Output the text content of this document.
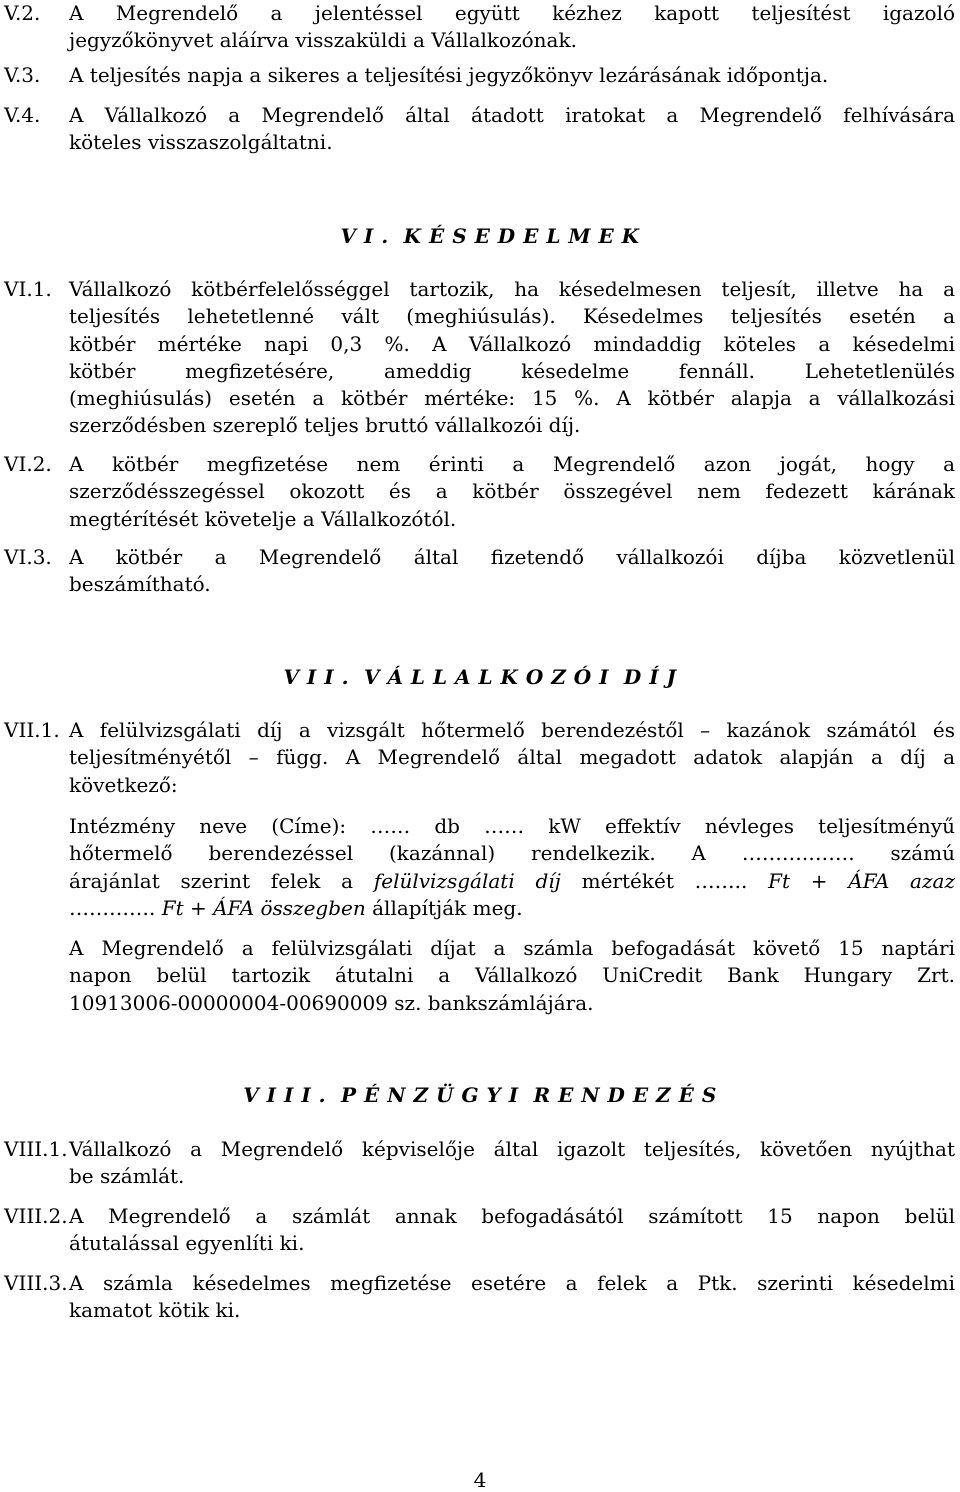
V.2. A Megrendelő a jelentéssel együtt kézhez kapott teljesítést igazoló
jegyzőkönyvet aláírva visszaküldi a Vállalkozónak.
V.3. A teljesítés napja a sikeres a teljesítési jegyzőkönyv lezárásának időpontja.
V.4. A Vállalkozó a Megrendelő által átadott iratokat a Megrendelő felhívására
köteles visszaszolgáltatni.
V I .  K É S E D E L M E K
VI.1. Vállalkozó kötbérfelelősséggel tartozik, ha késedelmesen teljesít, illetve ha a
teljesítés lehetetlenné vált (meghiúsulás). Késedelmes teljesítés esetén a
kötbér mértéke napi 0,3 %. A Vállalkozó mindaddig köteles a késedelmi
kötbér megfizetésére, ameddig késedelme fennáll. Lehetetlenülés
(meghiúsulás) esetén a kötbér mértéke: 15 %. A kötbér alapja a vállalkozási
szerződésben szereplő teljes bruttó vállalkozói díj.
VI.2. A kötbér megfizetése nem érinti a Megrendelő azon jogát, hogy a
szerződésszegéssel okozott és a kötbér összegével nem fedezett kárának
megtérítését követelje a Vállalkozótól.
VI.3. A kötbér a Megrendelő által fizetendő vállalkozói díjba közvetlenül
beszámítható.
V I I .  V Á L L A L K O Z Ó I  D Í J
VII.1. A felülvizsgálati díj a vizsgált hőtermelő berendezéstől – kazánok számától és
teljesítményétől – függ. A Megrendelő által megadott adatok alapján a díj a
következő:
Intézmény neve (Címe): …… db …… kW effektív névleges teljesítményű
hőtermelő berendezéssel (kazánnal) rendelkezik. A ……….……. számú
árajánlat szerint felek a felülvizsgálati díj mértékét …….. Ft + ÁFA azaz
…………. Ft + ÁFA összegben állapítják meg.
A Megrendelő a felülvizsgálati díjat a számla befogadását követő 15 naptári
napon belül tartozik átutalni a Vállalkozó UniCredit Bank Hungary Zrt.
10913006-00000004-00690009 sz. bankszámlájára.
V I I I .  P É N Z Ü G Y I  R E N D E Z É S
VIII.1. Vállalkozó a Megrendelő képviselője által igazolt teljesítés, követően nyújthat
be számlát.
VIII.2. A Megrendelő a számlát annak befogadásától számított 15 napon belül
átutalással egyenlíti ki.
VIII.3. A számla késedelmes megfizetése esetére a felek a Ptk. szerinti késedelmi
kamatot kötik ki.
4
